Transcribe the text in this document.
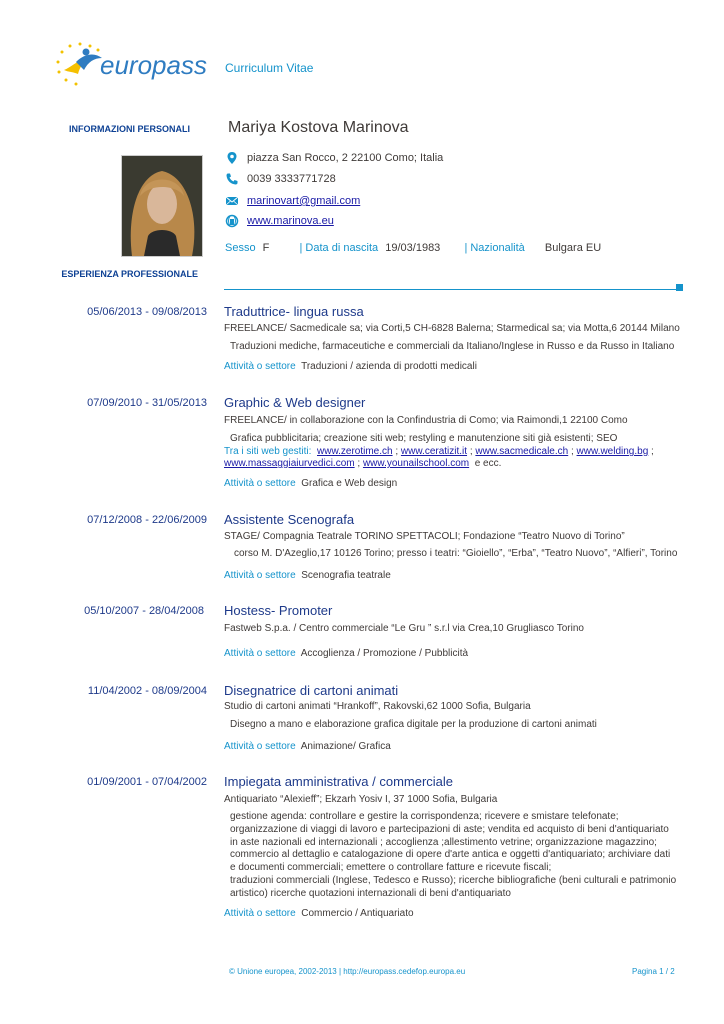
europass Curriculum Vitae
INFORMAZIONI PERSONALI Mariya Kostova Marinova
piazza San Rocco, 2 22100 Como; Italia
0039 3333771728
marinovart@gmail.com
www.marinova.eu
Sesso F	| Data di nascita 19/03/1983 | Nazionalità Bulgara EU
ESPERIENZA PROFESSIONALE
05/06/2013 - 09/08/2013 Traduttrice- lingua russa
FREELANCE/ Sacmedicale sa; via Corti,5 CH-6828 Balerna; Starmedical sa; via Motta,6 20144 Milano
Traduzioni mediche, farmaceutiche e commerciali da Italiano/Inglese in Russo e da Russo in Italiano
Attività o settore Traduzioni / azienda di prodotti medicali
07/09/2010 - 31/05/2013 Graphic & Web designer
FREELANCE/ in collaborazione con la Confindustria di Como; via Raimondi,1 22100 Como
Grafica pubblicitaria; creazione siti web; restyling e manutenzione siti già esistenti; SEO
Tra i siti web gestiti: www.zerotime.ch ; www.ceratizit.it ; www.sacmedicale.ch ; www.welding.bg ;
www.massaggiaiurvedici.com ; www.younailschool.com e ecc.
Attività o settore Grafica e Web design
07/12/2008 - 22/06/2009 Assistente Scenografa
STAGE/ Compagnia Teatrale TORINO SPETTACOLI; Fondazione “Teatro Nuovo di Torino”
corso M. D'Azeglio,17 10126 Torino; presso i teatri: “Gioiello”, “Erba”, “Teatro Nuovo”, “Alfieri”, Torino
Attività o settore Scenografia teatrale
05/10/2007 - 28/04/2008 Hostess- Promoter
Fastweb S.p.a. / Centro commerciale “Le Gru ” s.r.l via Crea,10 Grugliasco Torino
Attività o settore Accoglienza / Promozione / Pubblicità
11/04/2002 - 08/09/2004 Disegnatrice di cartoni animati
Studio di cartoni animati “Hrankoff”, Rakovski,62 1000 Sofia, Bulgaria
Disegno a mano e elaborazione grafica digitale per la produzione di cartoni animati
Attività o settore Animazione/ Grafica
01/09/2001 - 07/04/2002 Impiegata amministrativa / commerciale
Antiquariato “Alexieff”; Ekzarh Yosiv I, 37 1000 Sofia, Bulgaria
gestione agenda: controllare e gestire la corrispondenza; ricevere e smistare telefonate;
organizzazione di viaggi di lavoro e partecipazioni di aste; vendita ed acquisto di beni d'antiquariato
in aste nazionali ed internazionali ; accoglienza ;allestimento vetrine; organizzazione magazzino;
commercio al dettaglio e catalogazione di opere d'arte antica e oggetti d'antiquariato; archiviare dati
e documenti commerciali; emettere o controllare fatture e ricevute fiscali;
traduzioni commerciali (Inglese, Tedesco e Russo); ricerche bibliografiche (beni culturali e patrimonio
artistico) ricerche quotazioni internazionali di beni d'antiquariato
Attività o settore Commercio / Antiquariato
© Unione europea, 2002-2013 | http://europass.cedefop.europa.eu	Pagina 1 / 2
